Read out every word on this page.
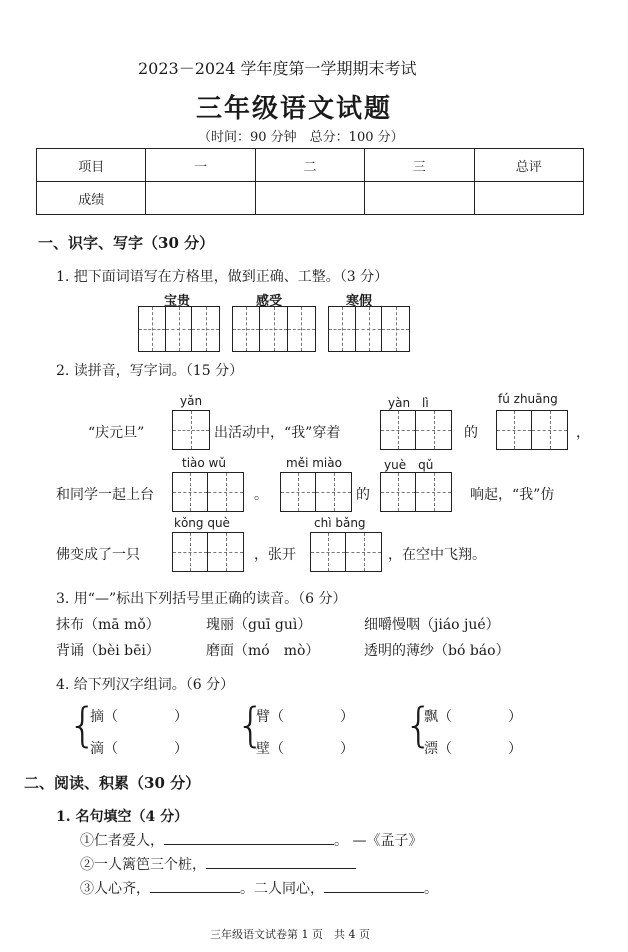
2023－2024 学年度第一学期期末考试
三年级语文试题
（时间：90 分钟　总分：100 分）
项目	一	二	三	总评
成绩				
一、识字、写字（30 分）
1. 把下面词语写在方格里，做到正确、工整。（3 分）
宝贵	感受	寒假
2. 读拼音，写字词。（15 分）
yǎn	yàn　lì	fú zhuāng
“庆元旦”	出活动中，“我”穿着	的	，
tiào wǔ	měi miào	yuè　qǔ
和同学一起上台	。	的	响起，“我”仿
kǒng què	chì bǎng
佛变成了一只	，张开	，在空中飞翔。
3. 用“—”标出下列括号里正确的读音。（6 分）
抹布（mā mǒ）	瑰丽（guī guì）	细嚼慢咽（jiáo jué）
背诵（bèi bēi）	磨面（mó　mò）	透明的薄纱（bó báo）
4. 给下列汉字组词。（6 分）
{	{	{
摘（　　　　）
滴（　　　　）
臂（　　　　）
壁（　　　　）
飘（　　　　）
漂（　　　　）
二、阅读、积累（30 分）
1. 名句填空（4 分）
①仁者爱人，	。 —《孟子》
②一人篱笆三个桩，
③人心齐，	。二人同心，	。
三年级语文试卷第 1 页　共 4 页
